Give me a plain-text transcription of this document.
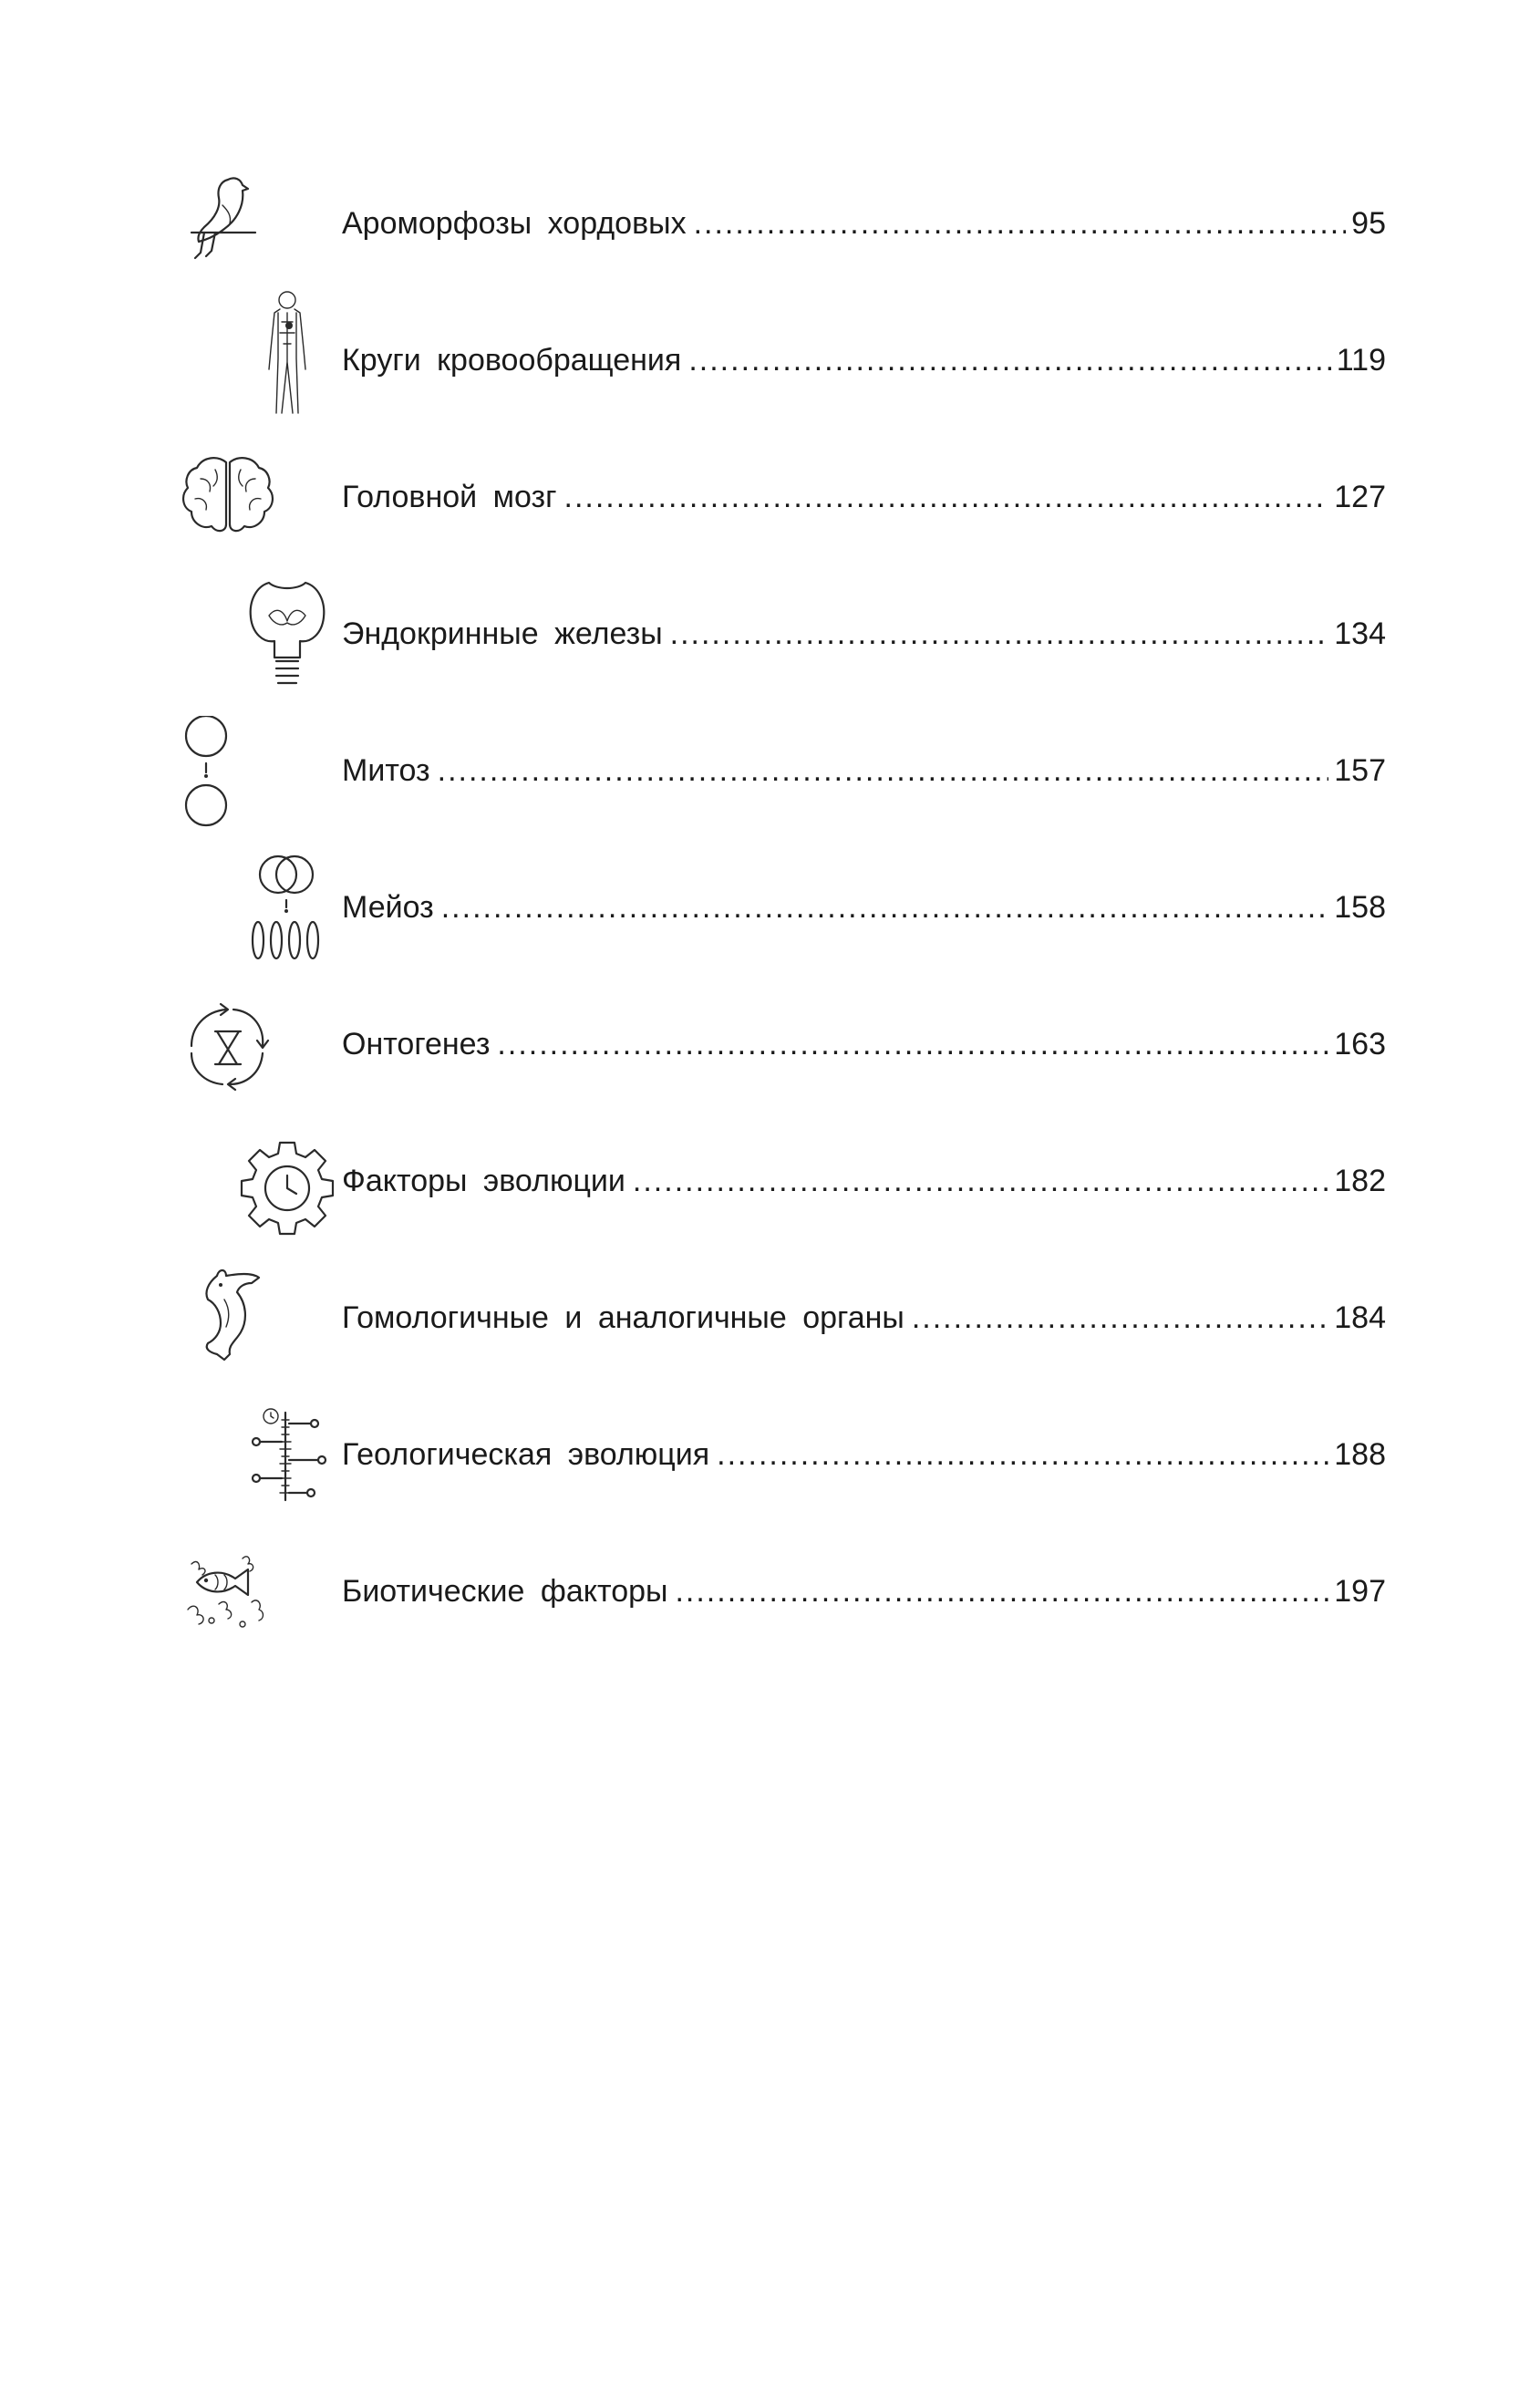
Ароморфозы хордовых .....	95
Круги кровообращения .....	119
Головной мозг .....	127
Эндокринные железы .....	134
Митоз .....	157
Мейоз .....	158
Онтогенез .....	163
Факторы эволюции .....	182
Гомологичные и аналогичные органы .....	184
Геологическая эволюция .....	188
Биотические факторы .....	197
